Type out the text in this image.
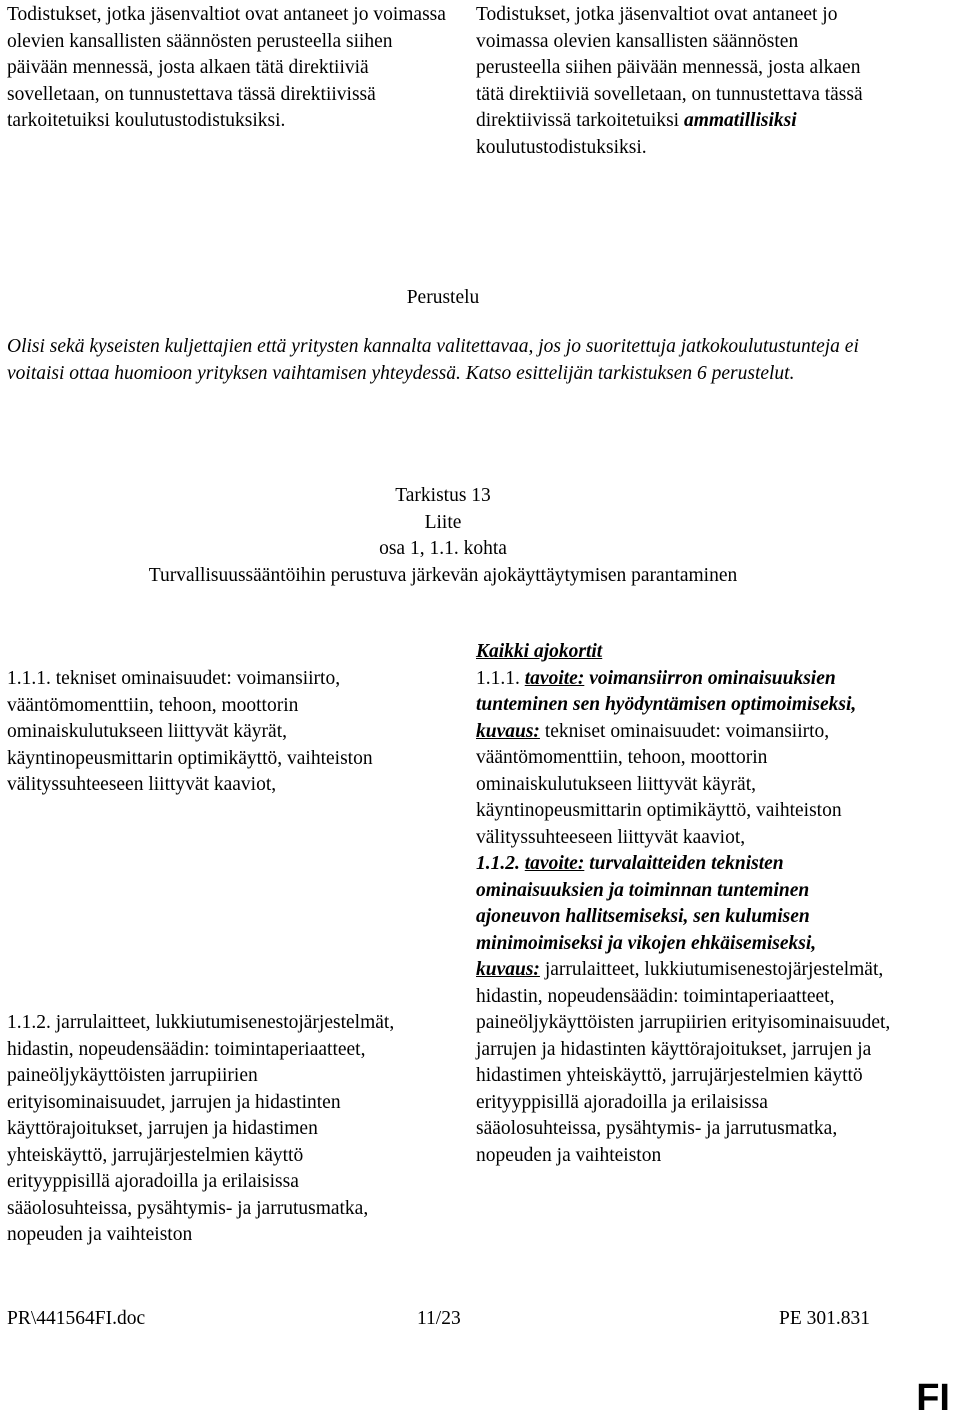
Todistukset, jotka jäsenvaltiot ovat antaneet jo voimassa olevien kansallisten säännösten perusteella siihen päivään mennessä, josta alkaen tätä direktiiviä sovelletaan, on tunnustettava tässä direktiivissä tarkoitetuiksi koulutustodistuksiksi.

Todistukset, jotka jäsenvaltiot ovat antaneet jo voimassa olevien kansallisten säännösten perusteella siihen päivään mennessä, josta alkaen tätä direktiiviä sovelletaan, on tunnustettava tässä direktiivissä tarkoitetuiksi ammatillisiksi koulutustodistuksiksi.

Perustelu
Olisi sekä kyseisten kuljettajien että yritysten kannalta valitettavaa, jos jo suoritettuja jatkokoulutustunteja ei voitaisi ottaa huomioon yrityksen vaihtamisen yhteydessä. Katso esittelijän tarkistuksen 6 perustelut.
Tarkistus 13
Liite
osa 1, 1.1. kohta
Turvallisuussääntöihin perustuva järkevän ajokäyttäytymisen parantaminen
1.1.1. tekniset ominaisuudet: voimansiirto, vääntömomenttiin, tehoon, moottorin ominaiskulutukseen liittyvät käyrät, käyntinopeusmittarin optimikäyttö, vaihteiston välityssuhteeseen liittyvät kaaviot,
1.1.2. jarrulaitteet, lukkiutumisenestojärjestelmät, hidastin, nopeudensäädin: toimintaperiaatteet, paineöljykäyttöisten jarrupiirien erityisominaisuudet, jarrujen ja hidastinten käyttörajoitukset, jarrujen ja hidastimen yhteiskäyttö, jarrujärjestelmien käyttö erityyppisillä ajoradoilla ja erilaisissa sääolosuhteissa, pysähtymis- ja jarrutusmatka, nopeuden ja vaihteiston

Kaikki ajokortit

1.1.1. tavoite: voimansiirron ominaisuuksien tunteminen sen hyödyntämisen optimoimiseksi,

kuvaus: tekniset ominaisuudet: voimansiirto, vääntömomenttiin, tehoon, moottorin ominaiskulutukseen liittyvät käyrät, käyntinopeusmittarin optimikäyttö, vaihteiston välityssuhteeseen liittyvät kaaviot,

1.1.2. tavoite: turvalaitteiden teknisten ominaisuuksien ja toiminnan tunteminen ajoneuvon hallitsemiseksi, sen kulumisen minimoimiseksi ja vikojen ehkäisemiseksi,

kuvaus: jarrulaitteet, lukkiutumisenestojärjestelmät, hidastin, nopeudensäädin: toimintaperiaatteet, paineöljykäyttöisten jarrupiirien erityisominaisuudet, jarrujen ja hidastinten käyttörajoitukset, jarrujen ja hidastimen yhteiskäyttö, jarrujärjestelmien käyttö erityyppisillä ajoradoilla ja erilaisissa sääolosuhteissa, pysähtymis- ja jarrutusmatka, nopeuden ja vaihteiston

PR\441564FI.doc	11/23	PE 301.831
FI
